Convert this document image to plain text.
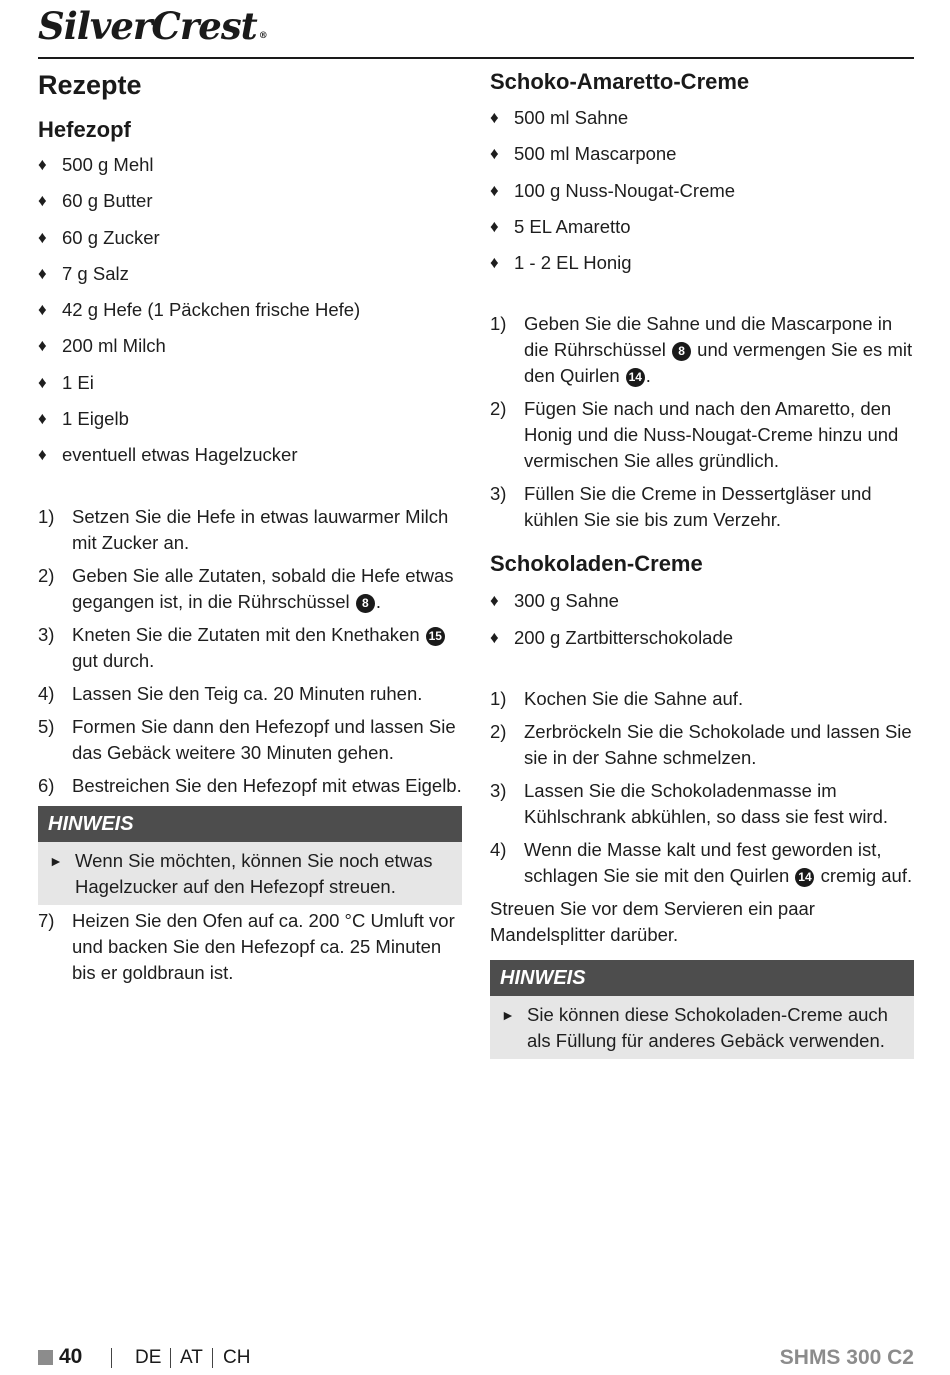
SilverCrest ®
Rezepte
Hefezopf
♦ 500 g Mehl
♦ 60 g Butter
♦ 60 g Zucker
♦ 7 g Salz
♦ 42 g Hefe (1 Päckchen frische Hefe)
♦ 200 ml Milch
♦ 1 Ei
♦ 1 Eigelb
♦ eventuell etwas Hagelzucker
1) Setzen Sie die Hefe in etwas lauwarmer Milch mit Zucker an.
2) Geben Sie alle Zutaten, sobald die Hefe etwas gegangen ist, in die Rührschüssel 8 .
3) Kneten Sie die Zutaten mit den Knethaken 15 gut durch.
4) Lassen Sie den Teig ca. 20 Minuten ruhen.
5) Formen Sie dann den Hefezopf und lassen Sie das Gebäck weitere 30 Minuten gehen.
6) Bestreichen Sie den Hefezopf mit etwas Eigelb.
HINWEIS
► Wenn Sie möchten, können Sie noch etwas Hagelzucker auf den Hefezopf streuen.
7) Heizen Sie den Ofen auf ca. 200 °C Umluft vor und backen Sie den Hefezopf ca. 25 Minuten bis er goldbraun ist.
Schoko-Amaretto-Creme
♦ 500 ml Sahne
♦ 500 ml Mascarpone
♦ 100 g Nuss-Nougat-Creme
♦ 5 EL Amaretto
♦ 1 - 2 EL Honig
1) Geben Sie die Sahne und die Mascarpone in die Rührschüssel 8 und vermengen Sie es mit den Quirlen 14 .
2) Fügen Sie nach und nach den Amaretto, den Honig und die Nuss-Nougat-Creme hinzu und vermischen Sie alles gründlich.
3) Füllen Sie die Creme in Dessertgläser und kühlen Sie sie bis zum Verzehr.
Schokoladen-Creme
♦ 300 g Sahne
♦ 200 g Zartbitterschokolade
1) Kochen Sie die Sahne auf.
2) Zerbröckeln Sie die Schokolade und lassen Sie sie in der Sahne schmelzen.
3) Lassen Sie die Schokoladenmasse im Kühlschrank abkühlen, so dass sie fest wird.
4) Wenn die Masse kalt und fest geworden ist, schlagen Sie sie mit den Quirlen 14 cremig auf.

Streuen Sie vor dem Servieren ein paar Mandelsplitter darüber.

HINWEIS
► Sie können diese Schokoladen-Creme auch als Füllung für anderes Gebäck verwenden.
40	DE AT CH	SHMS 300 C2
